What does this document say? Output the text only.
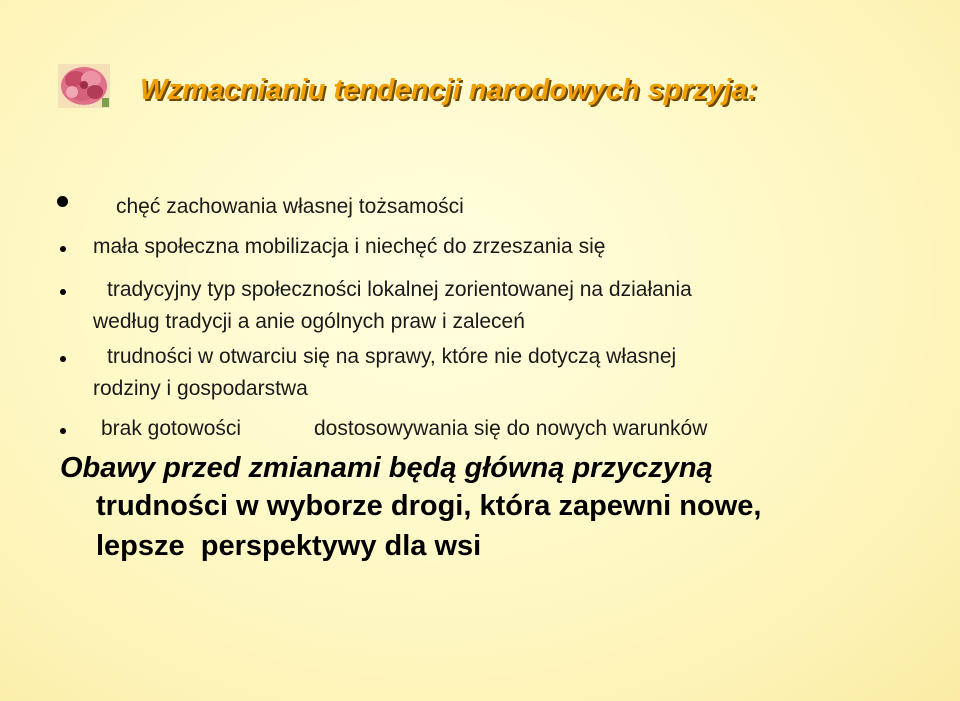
Wzmacnianiu tendencji narodowych sprzyja:
chęć zachowania własnej tożsamości
mała społeczna mobilizacja i niechęć do zrzeszania się
tradycyjny typ społeczności lokalnej zorientowanej na działania
według tradycji a anie ogólnych praw i zaleceń
trudności w otwarciu się na sprawy, które nie dotyczą własnej
rodziny i gospodarstwa
brak gotowości	dostosowywania się do nowych warunków
Obawy przed zmianami będą główną przyczyną
trudności w wyborze drogi, która zapewni nowe,
lepsze  perspektywy dla wsi
